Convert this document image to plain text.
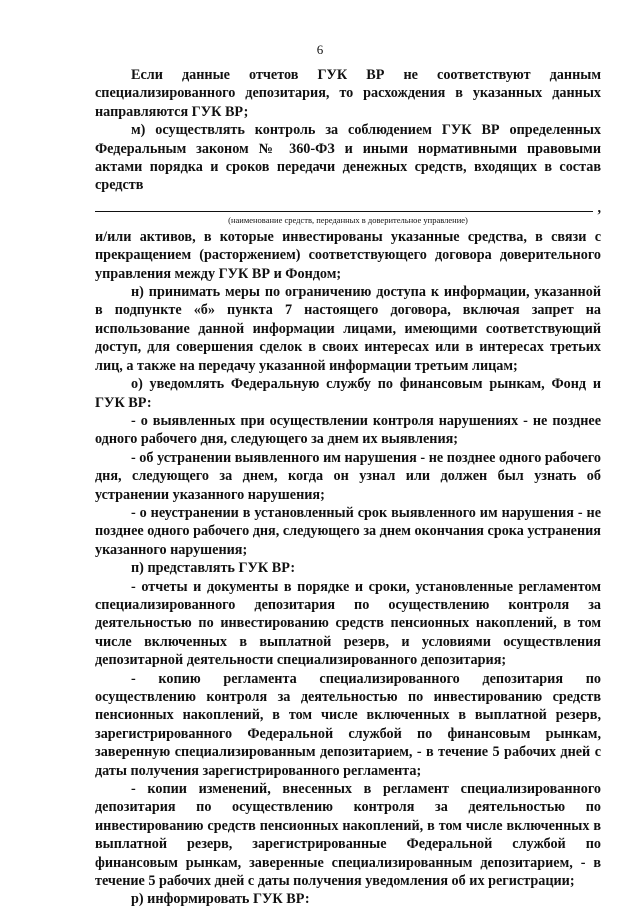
6

Если данные отчетов ГУК ВР не соответствуют данным специализированного депозитария, то расхождения в указанных данных направляются ГУК ВР;

м) осуществлять контроль за соблюдением ГУК ВР определенных Федеральным законом № 360-ФЗ и иными нормативными правовыми актами порядка и сроков передачи денежных средств, входящих в состав средств

,
(наименование средств, переданных в доверительное управление)

и/или активов, в которые инвестированы указанные средства, в связи с прекращением (расторжением) соответствующего договора доверительного управления между ГУК ВР и Фондом;

н) принимать меры по ограничению доступа к информации, указанной в подпункте «б» пункта 7 настоящего договора, включая запрет на использование данной информации лицами, имеющими соответствующий доступ, для совершения сделок в своих интересах или в интересах третьих лиц, а также на передачу указанной информации третьим лицам;

о) уведомлять Федеральную службу по финансовым рынкам, Фонд и ГУК ВР:

- о выявленных при осуществлении контроля нарушениях - не позднее одного рабочего дня, следующего за днем их выявления;

- об устранении выявленного им нарушения - не позднее одного рабочего дня, следующего за днем, когда он узнал или должен был узнать об устранении указанного нарушения;

- о неустранении в установленный срок выявленного им нарушения - не позднее одного рабочего дня, следующего за днем окончания срока устранения указанного нарушения;

п) представлять ГУК ВР:

- отчеты и документы в порядке и сроки, установленные регламентом специализированного депозитария по осуществлению контроля за деятельностью по инвестированию средств пенсионных накоплений, в том числе включенных в выплатной резерв, и условиями осуществления депозитарной деятельности специализированного депозитария;

- копию регламента специализированного депозитария по осуществлению контроля за деятельностью по инвестированию средств пенсионных накоплений, в том числе включенных в выплатной резерв, зарегистрированного Федеральной службой по финансовым рынкам, заверенную специализированным депозитарием, - в течение 5 рабочих дней с даты получения зарегистрированного регламента;

- копии изменений, внесенных в регламент специализированного депозитария по осуществлению контроля за деятельностью по инвестированию средств пенсионных накоплений, в том числе включенных в выплатной резерв, зарегистрированные Федеральной службой по финансовым рынкам, заверенные специализированным депозитарием, - в течение 5 рабочих дней с даты получения уведомления об их регистрации;

р) информировать ГУК ВР:
